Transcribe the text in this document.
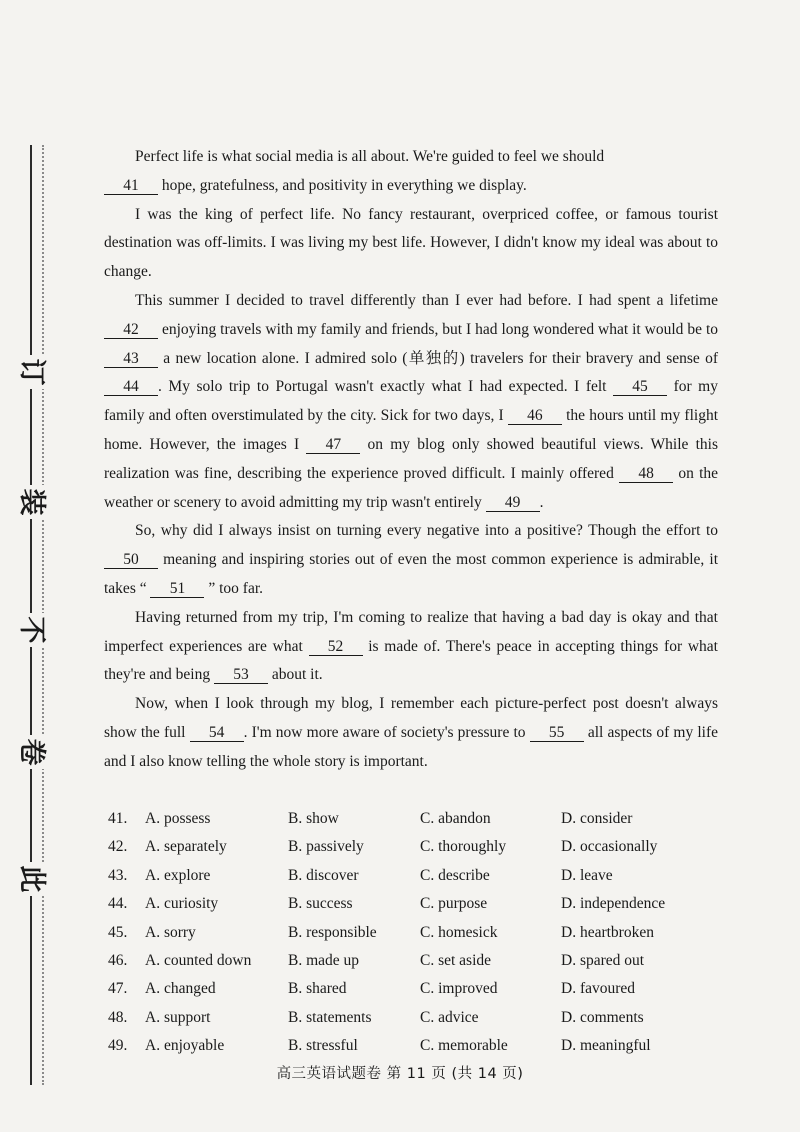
订
装
不
卷
此

Perfect life is what social media is all about. We're guided to feel we should

41 hope, gratefulness, and positivity in everything we display.

I was the king of perfect life. No fancy restaurant, overpriced coffee, or famous tourist destination was off-limits. I was living my best life. However, I didn't know my ideal was about to change.

This summer I decided to travel differently than I ever had before. I had spent a lifetime 42 enjoying travels with my family and friends, but I had long wondered what it would be to 43 a new location alone. I admired solo (单独的) travelers for their bravery and sense of 44 . My solo trip to Portugal wasn't exactly what I had expected. I felt 45 for my family and often overstimulated by the city. Sick for two days, I 46 the hours until my flight home. However, the images I 47 on my blog only showed beautiful views. While this realization was fine, describing the experience proved difficult. I mainly offered 48 on the weather or scenery to avoid admitting my trip wasn't entirely 49 .

So, why did I always insist on turning every negative into a positive? Though the effort to 50 meaning and inspiring stories out of even the most common experience is admirable, it takes “ 51 ” too far.

Having returned from my trip, I'm coming to realize that having a bad day is okay and that imperfect experiences are what 52 is made of. There's peace in accepting things for what they're and being 53 about it.

Now, when I look through my blog, I remember each picture-perfect post doesn't always show the full 54 . I'm now more aware of society's pressure to 55 all aspects of my life and I also know telling the whole story is important.

41. A. possess	B. show	C. abandon	D. consider
42. A. separately	B. passively	C. thoroughly	D. occasionally
43. A. explore	B. discover	C. describe	D. leave
44. A. curiosity	B. success	C. purpose	D. independence
45. A. sorry	B. responsible	C. homesick	D. heartbroken
46. A. counted down B. made up	C. set aside	D. spared out
47. A. changed	B. shared	C. improved	D. favoured
48. A. support	B. statements	C. advice	D. comments
49. A. enjoyable	B. stressful	C. memorable	D. meaningful
高三英语试题卷 第 11 页 (共 14 页)
